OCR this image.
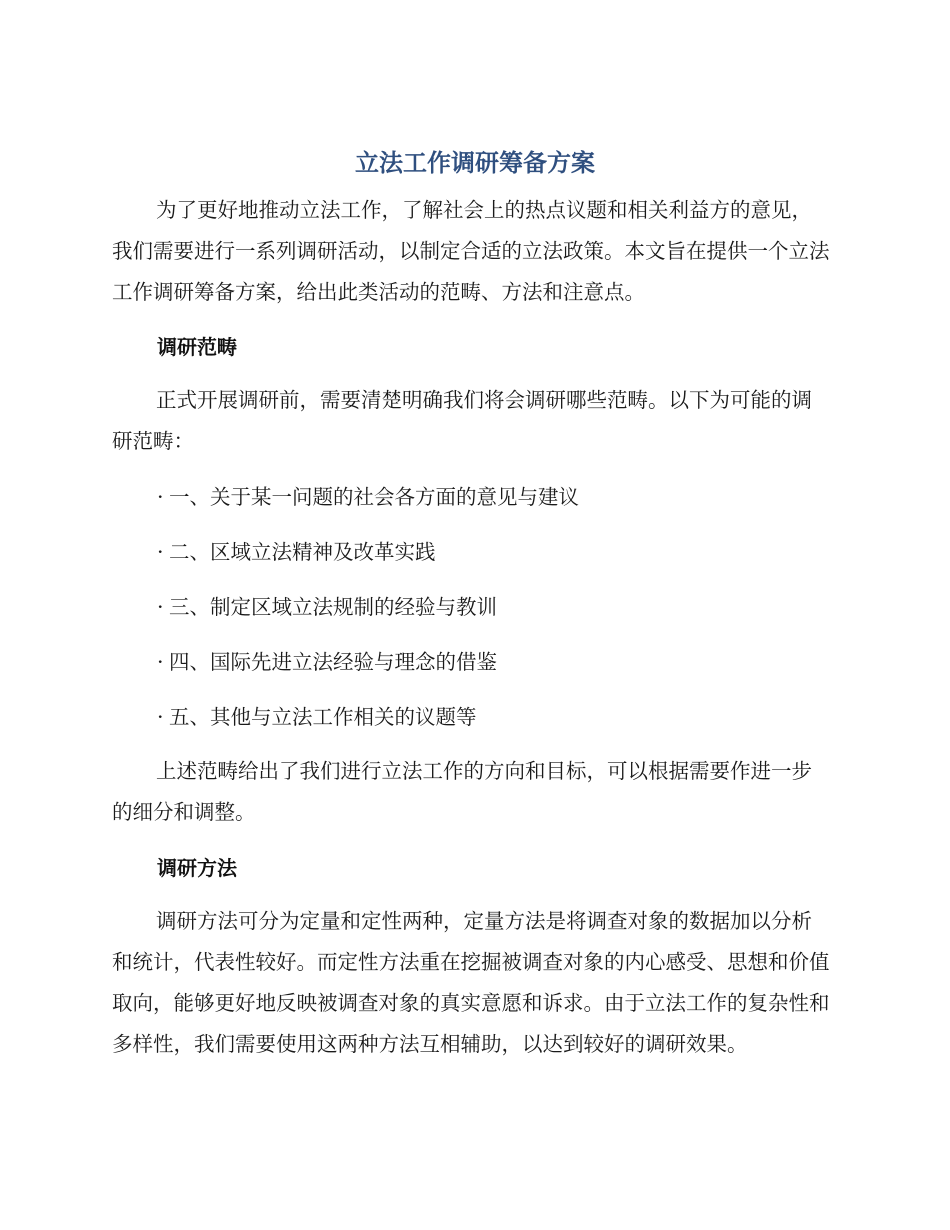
立法工作调研筹备方案

为了更好地推动立法工作，了解社会上的热点议题和相关利益方的意见，我们需要进行一系列调研活动，以制定合适的立法政策。本文旨在提供一个立法工作调研筹备方案，给出此类活动的范畴、方法和注意点。

调研范畴

正式开展调研前，需要清楚明确我们将会调研哪些范畴。以下为可能的调研范畴：

· 一、关于某一问题的社会各方面的意见与建议

· 二、区域立法精神及改革实践

· 三、制定区域立法规制的经验与教训

· 四、国际先进立法经验与理念的借鉴

· 五、其他与立法工作相关的议题等

上述范畴给出了我们进行立法工作的方向和目标，可以根据需要作进一步的细分和调整。

调研方法

调研方法可分为定量和定性两种，定量方法是将调查对象的数据加以分析和统计，代表性较好。而定性方法重在挖掘被调查对象的内心感受、思想和价值取向，能够更好地反映被调查对象的真实意愿和诉求。由于立法工作的复杂性和多样性，我们需要使用这两种方法互相辅助，以达到较好的调研效果。
